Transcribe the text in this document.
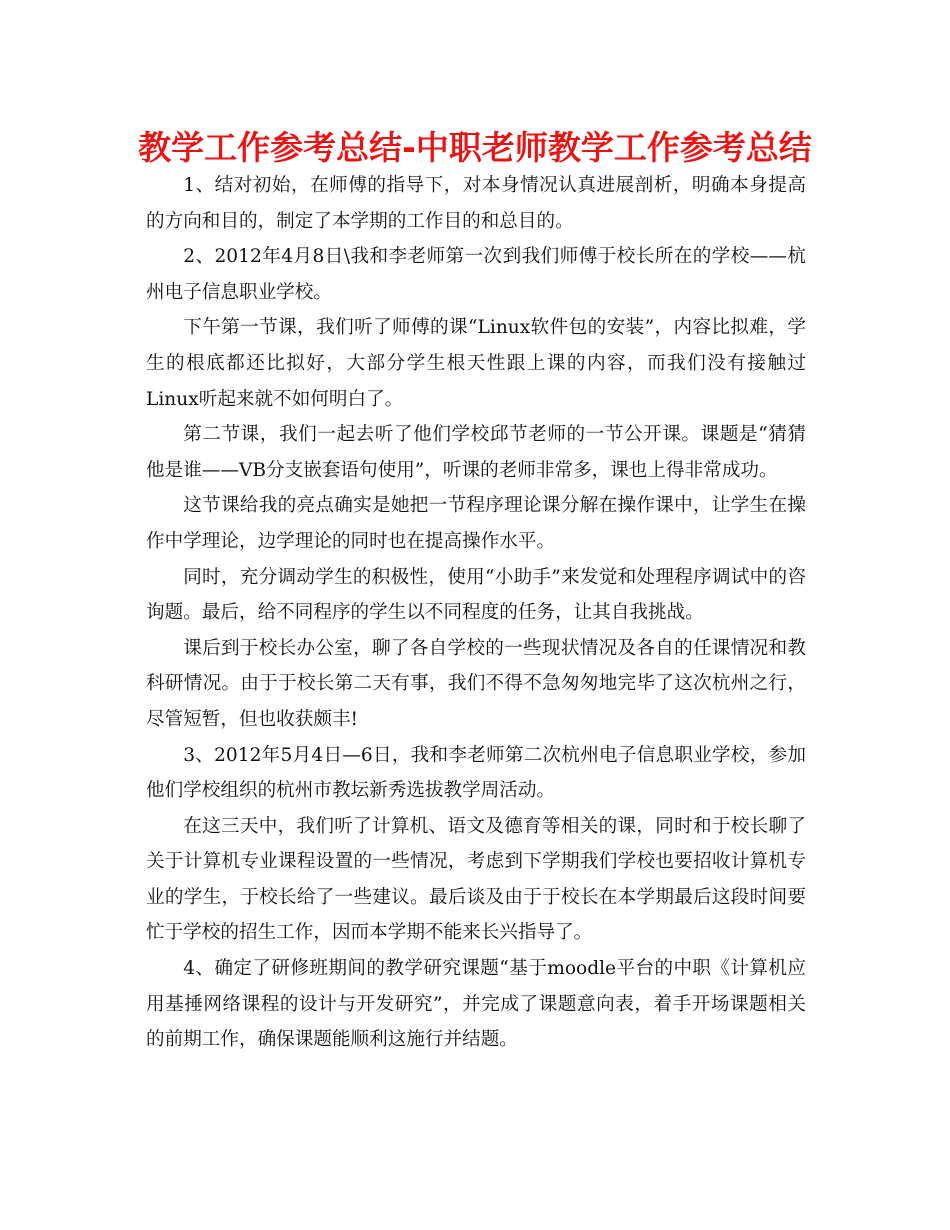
教学工作参考总结-中职老师教学工作参考总结

1、结对初始，在师傅的指导下，对本身情况认真进展剖析，明确本身提高的方向和目的，制定了本学期的工作目的和总目的。

2、2012年4月8日\我和李老师第一次到我们师傅于校长所在的学校——杭州电子信息职业学校。

下午第一节课，我们听了师傅的课“Linux软件包的安装”，内容比拟难，学生的根底都还比拟好，大部分学生根天性跟上课的内容，而我们没有接触过Linux听起来就不如何明白了。

第二节课，我们一起去听了他们学校邱节老师的一节公开课。课题是“猜猜他是谁——VB分支嵌套语句使用”，听课的老师非常多，课也上得非常成功。

这节课给我的亮点确实是她把一节程序理论课分解在操作课中，让学生在操作中学理论，边学理论的同时也在提高操作水平。

同时，充分调动学生的积极性，使用“小助手”来发觉和处理程序调试中的咨询题。最后，给不同程序的学生以不同程度的任务，让其自我挑战。

课后到于校长办公室，聊了各自学校的一些现状情况及各自的任课情况和教科研情况。由于于校长第二天有事，我们不得不急匆匆地完毕了这次杭州之行，尽管短暂，但也收获颇丰!

3、2012年5月4日—6日，我和李老师第二次杭州电子信息职业学校，参加他们学校组织的杭州市教坛新秀选拔教学周活动。

在这三天中，我们听了计算机、语文及德育等相关的课，同时和于校长聊了关于计算机专业课程设置的一些情况，考虑到下学期我们学校也要招收计算机专业的学生，于校长给了一些建议。最后谈及由于于校长在本学期最后这段时间要忙于学校的招生工作，因而本学期不能来长兴指导了。

4、确定了研修班期间的教学研究课题“基于moodle平台的中职《计算机应用基捶网络课程的设计与开发研究”，并完成了课题意向表，着手开场课题相关的前期工作，确保课题能顺利这施行并结题。
